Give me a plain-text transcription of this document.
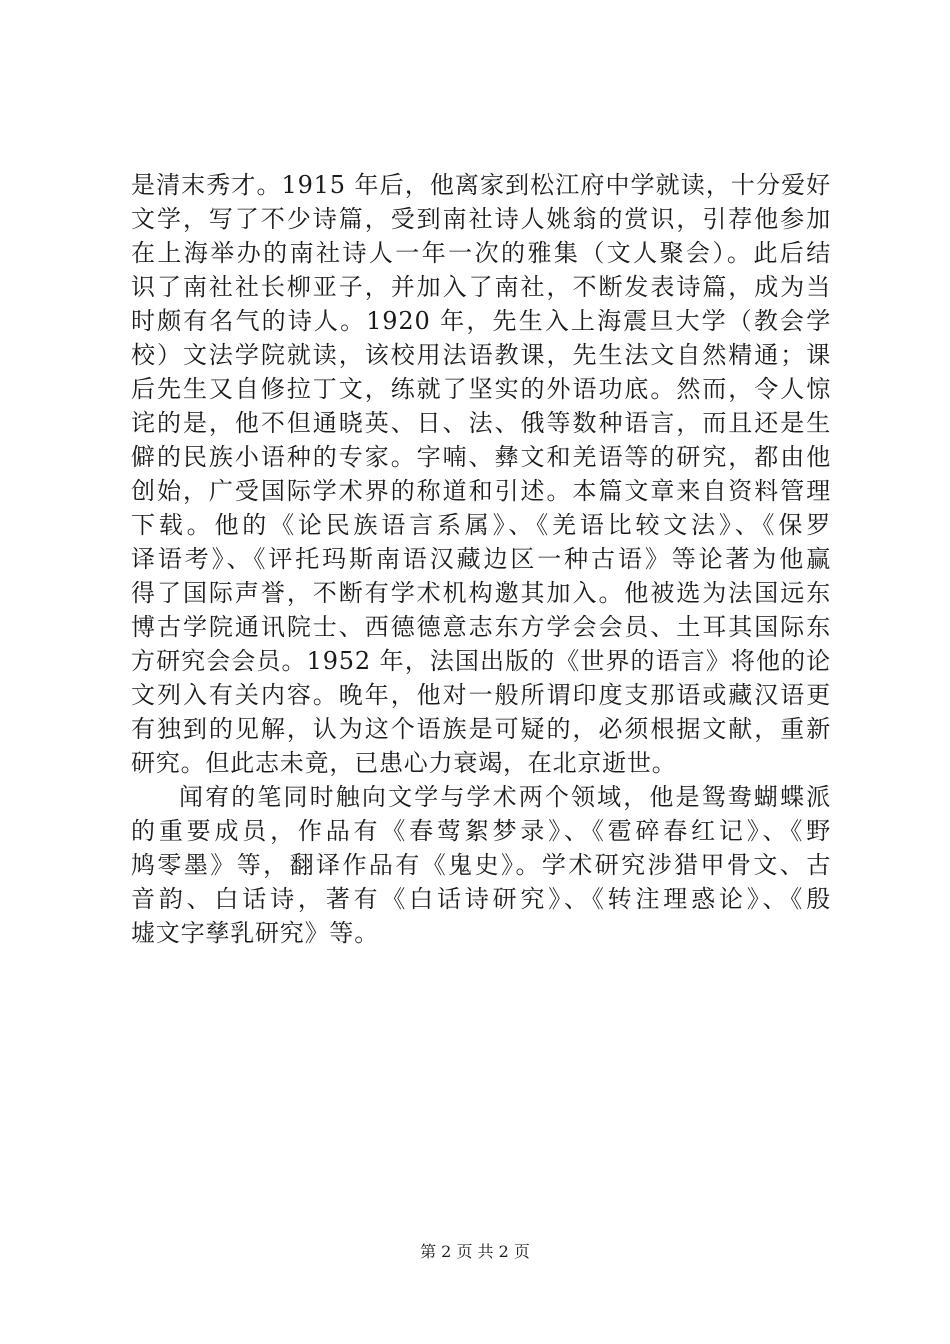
是清末秀才。1915 年后，他离家到松江府中学就读，十分爱好
文学，写了不少诗篇，受到南社诗人姚翁的赏识，引荐他参加
在上海举办的南社诗人一年一次的雅集（文人聚会）。此后结
识了南社社长柳亚子，并加入了南社，不断发表诗篇，成为当
时颇有名气的诗人。1920 年，先生入上海震旦大学（教会学
校）文法学院就读，该校用法语教课，先生法文自然精通；课
后先生又自修拉丁文，练就了坚实的外语功底。然而，令人惊
诧的是，他不但通晓英、日、法、俄等数种语言，而且还是生
僻的民族小语种的专家。字喃、彝文和羌语等的研究，都由他
创始，广受国际学术界的称道和引述。本篇文章来自资料管理
下载。他的《论民族语言系属》、《羌语比较文法》、《保罗
译语考》、《评托玛斯南语汉藏边区一种古语》等论著为他赢
得了国际声誉，不断有学术机构邀其加入。他被选为法国远东
博古学院通讯院士、西德德意志东方学会会员、土耳其国际东
方研究会会员。1952 年，法国出版的《世界的语言》将他的论
文列入有关内容。晚年，他对一般所谓印度支那语或藏汉语更
有独到的见解，认为这个语族是可疑的，必须根据文献，重新
研究。但此志未竟，已患心力衰竭，在北京逝世。
闻宥的笔同时触向文学与学术两个领域，他是鸳鸯蝴蝶派
的重要成员，作品有《春莺絮梦录》、《雹碎春红记》、《野
鸠零墨》等，翻译作品有《鬼史》。学术研究涉猎甲骨文、古
音韵、白话诗，著有《白话诗研究》、《转注理惑论》、《殷
墟文字孳乳研究》等。
第 2 页 共 2 页
